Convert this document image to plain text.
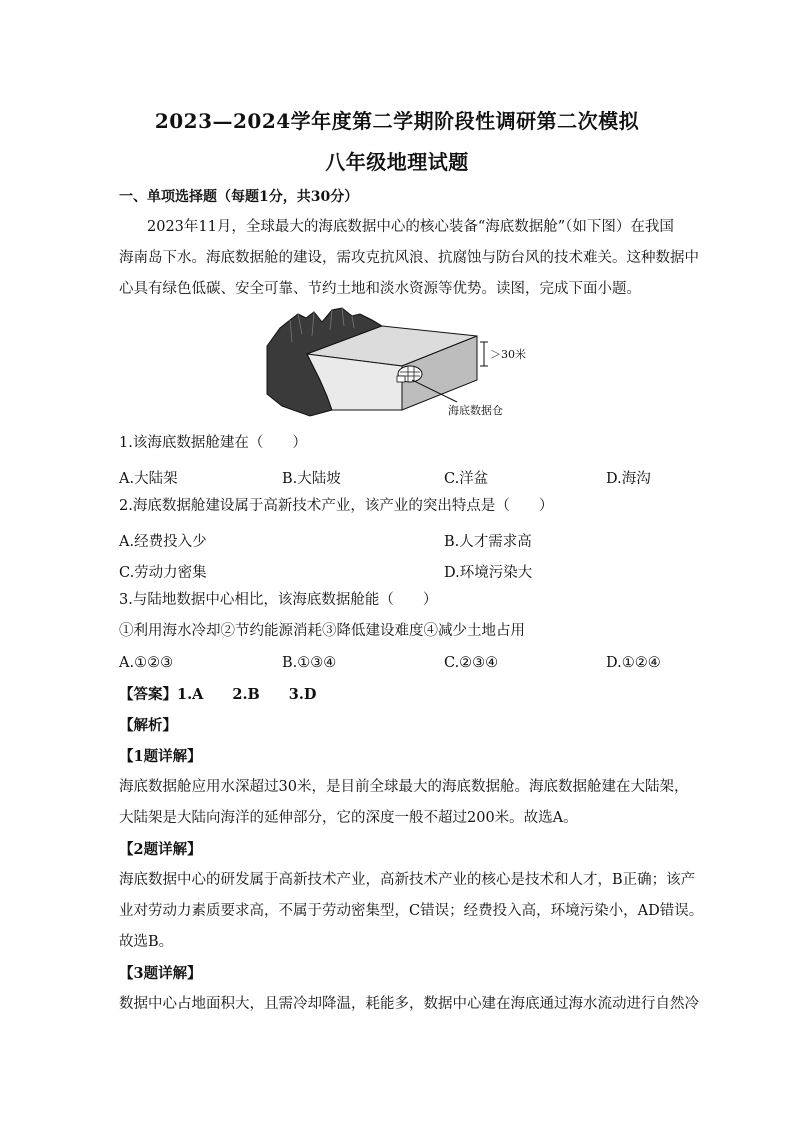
2023—2024学年度第二学期阶段性调研第二次模拟
八年级地理试题
一、单项选择题（每题1分，共30分）
2023年11月，全球最大的海底数据中心的核心装备“海底数据舱”（如下图）在我国
海南岛下水。海底数据舱的建设，需攻克抗风浪、抗腐蚀与防台风的技术难关。这种数据中
心具有绿色低碳、安全可靠、节约土地和淡水资源等优势。读图，完成下面小题。
＞30米
海底数据仓
1.该海底数据舱建在（　　）
A.大陆架	B.大陆坡	C.洋盆	D.海沟
2.海底数据舱建设属于高新技术产业，该产业的突出特点是（　　）
A.经费投入少	B.人才需求高
C.劳动力密集	D.环境污染大
3.与陆地数据中心相比，该海底数据舱能（　　）
①利用海水冷却②节约能源消耗③降低建设难度④减少土地占用
A.①②③	B.①③④	C.②③④	D.①②④
【答案】1.A　　2.B　　3.D
【解析】
【1题详解】
海底数据舱应用水深超过30米，是目前全球最大的海底数据舱。海底数据舱建在大陆架，
大陆架是大陆向海洋的延伸部分，它的深度一般不超过200米。故选A。
【2题详解】
海底数据中心的研发属于高新技术产业，高新技术产业的核心是技术和人才，B正确；该产
业对劳动力素质要求高，不属于劳动密集型，C错误；经费投入高，环境污染小，AD错误。
故选B。
【3题详解】
数据中心占地面积大，且需冷却降温，耗能多，数据中心建在海底通过海水流动进行自然冷
